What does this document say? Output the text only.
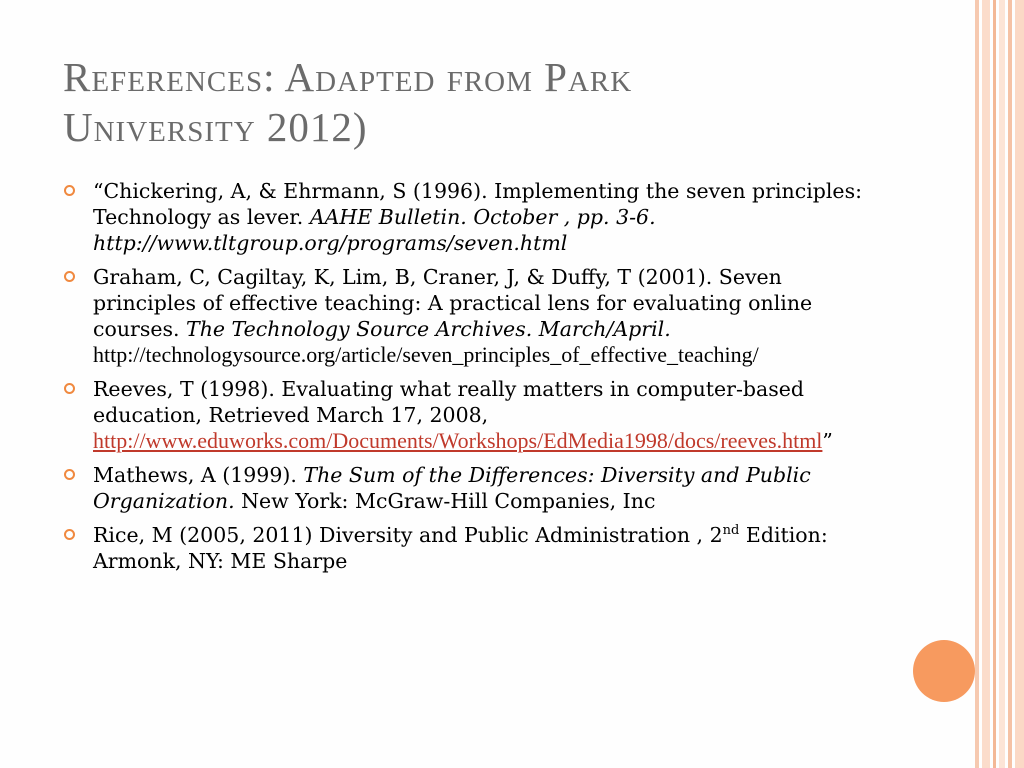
References: Adapted from Park
University 2012)
“Chickering, A, & Ehrmann, S (1996). Implementing the seven principles: Technology as lever. AAHE Bulletin. October , pp. 3-6. http://www.tltgroup.org/programs/seven.html
Graham, C, Cagiltay, K, Lim, B, Craner, J, & Duffy, T (2001). Seven principles of effective teaching: A practical lens for evaluating online courses. The Technology Source Archives. March/April. http://technologysource.org/article/seven_principles_of_effective_teaching/
Reeves, T (1998). Evaluating what really matters in computer-based education, Retrieved March 17, 2008, http://www.eduworks.com/Documents/Workshops/EdMedia1998/docs/reeves.html”
Mathews, A (1999). The Sum of the Differences: Diversity and Public Organization. New York: McGraw-Hill Companies, Inc
Rice, M (2005, 2011) Diversity and Public Administration , 2nd Edition: Armonk, NY: ME Sharpe
